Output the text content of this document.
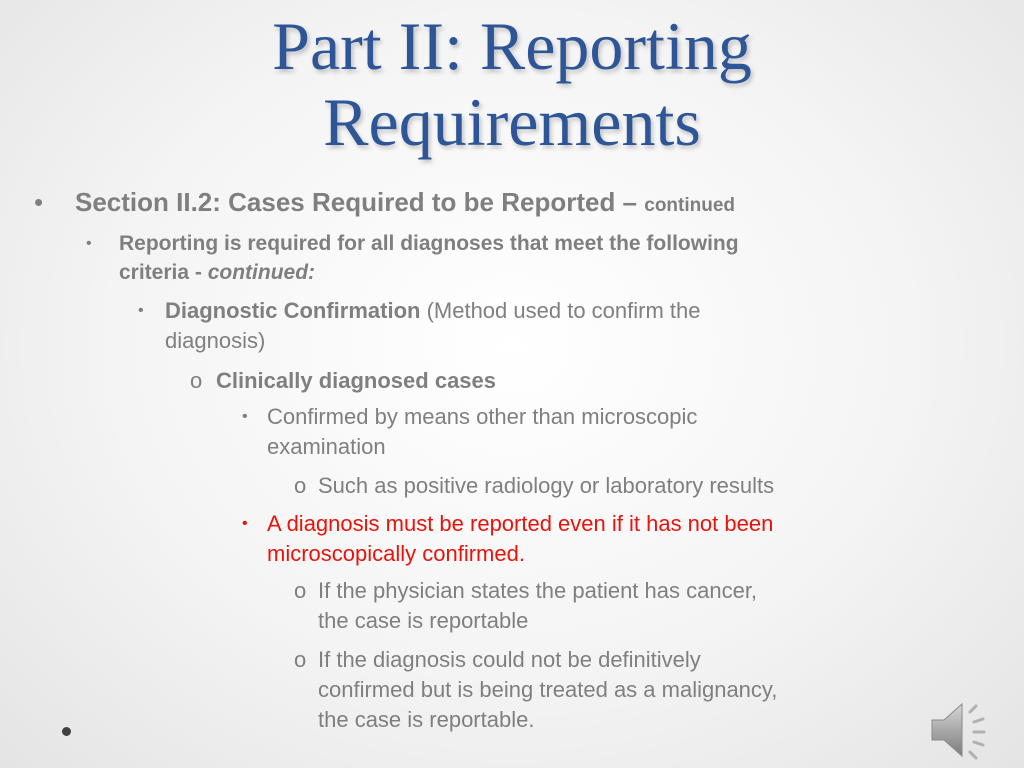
Part II: Reporting
Requirements
•	Section II.2: Cases Required to be Reported – continued
•	Reporting is required for all diagnoses that meet the following
criteria - continued:
• Diagnostic Confirmation (Method used to confirm the
diagnosis)
o Clinically diagnosed cases
• Confirmed by means other than microscopic
examination
o Such as positive radiology or laboratory results
• A diagnosis must be reported even if it has not been
microscopically confirmed.
o If the physician states the patient has cancer,
the case is reportable
o If the diagnosis could not be definitively
confirmed but is being treated as a malignancy,
the case is reportable.
